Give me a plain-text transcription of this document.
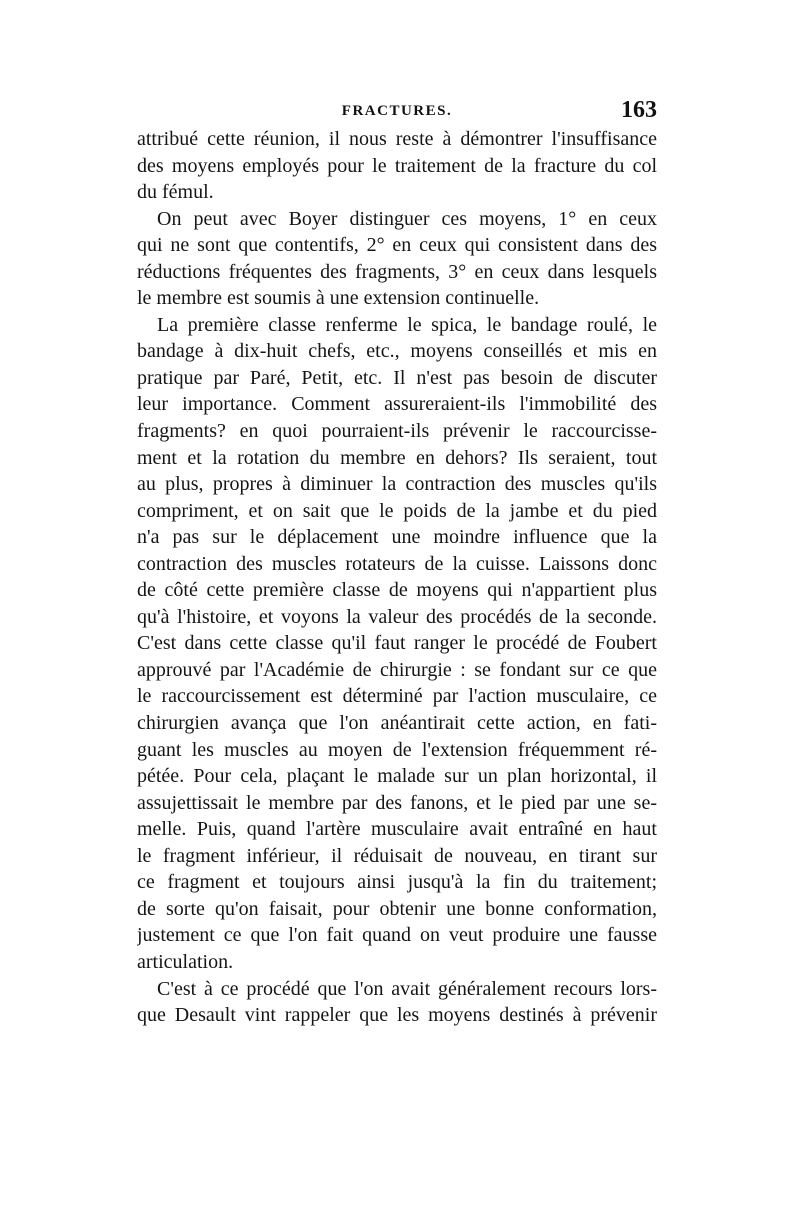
FRACTURES.	163
attribué cette réunion, il nous reste à démontrer l'insuffisance
des moyens employés pour le traitement de la fracture du col
du fémul.
On peut avec Boyer distinguer ces moyens, 1° en ceux
qui ne sont que contentifs, 2° en ceux qui consistent dans des
réductions fréquentes des fragments, 3° en ceux dans lesquels
le membre est soumis à une extension continuelle.
La première classe renferme le spica, le bandage roulé, le
bandage à dix-huit chefs, etc., moyens conseillés et mis en
pratique par Paré, Petit, etc. Il n'est pas besoin de discuter
leur importance. Comment assureraient-ils l'immobilité des
fragments? en quoi pourraient-ils prévenir le raccourcisse-
ment et la rotation du membre en dehors? Ils seraient, tout
au plus, propres à diminuer la contraction des muscles qu'ils
compriment, et on sait que le poids de la jambe et du pied
n'a pas sur le déplacement une moindre influence que la
contraction des muscles rotateurs de la cuisse. Laissons donc
de côté cette première classe de moyens qui n'appartient plus
qu'à l'histoire, et voyons la valeur des procédés de la seconde.
C'est dans cette classe qu'il faut ranger le procédé de Foubert
approuvé par l'Académie de chirurgie : se fondant sur ce que
le raccourcissement est déterminé par l'action musculaire, ce
chirurgien avança que l'on anéantirait cette action, en fati-
guant les muscles au moyen de l'extension fréquemment ré-
pétée. Pour cela, plaçant le malade sur un plan horizontal, il
assujettissait le membre par des fanons, et le pied par une se-
melle. Puis, quand l'artère musculaire avait entraîné en haut
le fragment inférieur, il réduisait de nouveau, en tirant sur
ce fragment et toujours ainsi jusqu'à la fin du traitement;
de sorte qu'on faisait, pour obtenir une bonne conformation,
justement ce que l'on fait quand on veut produire une fausse
articulation.
C'est à ce procédé que l'on avait généralement recours lors-
que Desault vint rappeler que les moyens destinés à prévenir
